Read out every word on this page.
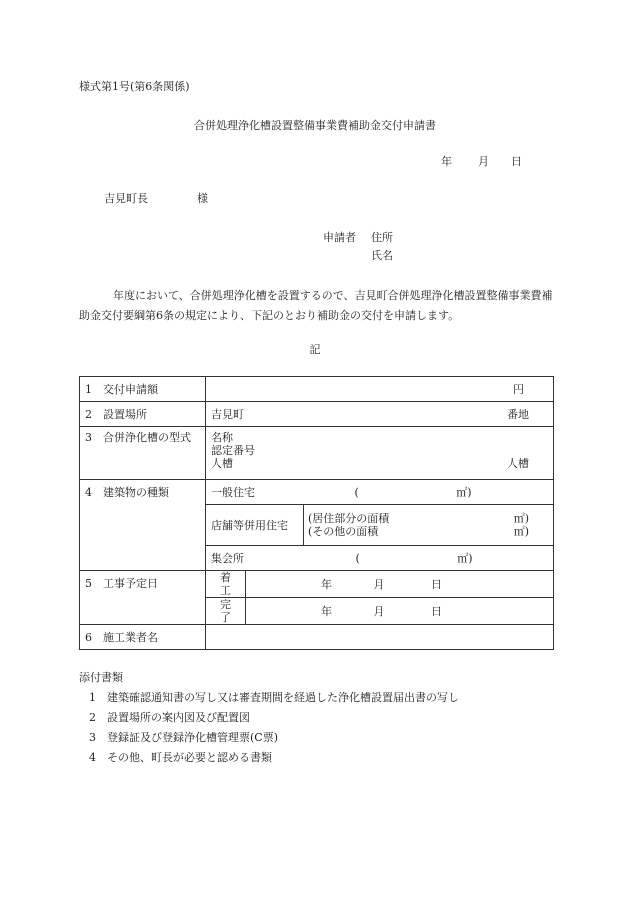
様式第1号(第6条関係)
合併処理浄化槽設置整備事業費補助金交付申請書
年 月 日
吉見町長	様
申請者 住所
氏名
年度において、合併処理浄化槽を設置するので、吉見町合併処理浄化槽設置整備事業費補助金交付要綱第6条の規定により、下記のとおり補助金の交付を申請します。
記
1 交付申請額	円		

2 設置場所	吉見町 番地		

3 合併浄化槽の型式	名称
認定番号
人槽 人槽		

4 建築物の種類	一般住宅 ( ㎡)		
	店舗等併用住宅		(居住部分の面積 ㎡)
(その他の面積 ㎡)

	集会所 ( ㎡)		
5 工事予定日	着　工	年 月 日	
	完　了	年 月 日	
6 施工業者名			
添付書類
1 建築確認通知書の写し又は審査期間を経過した浄化槽設置届出書の写し
2 設置場所の案内図及び配置図
3 登録証及び登録浄化槽管理票(C票)
4 その他、町長が必要と認める書類
